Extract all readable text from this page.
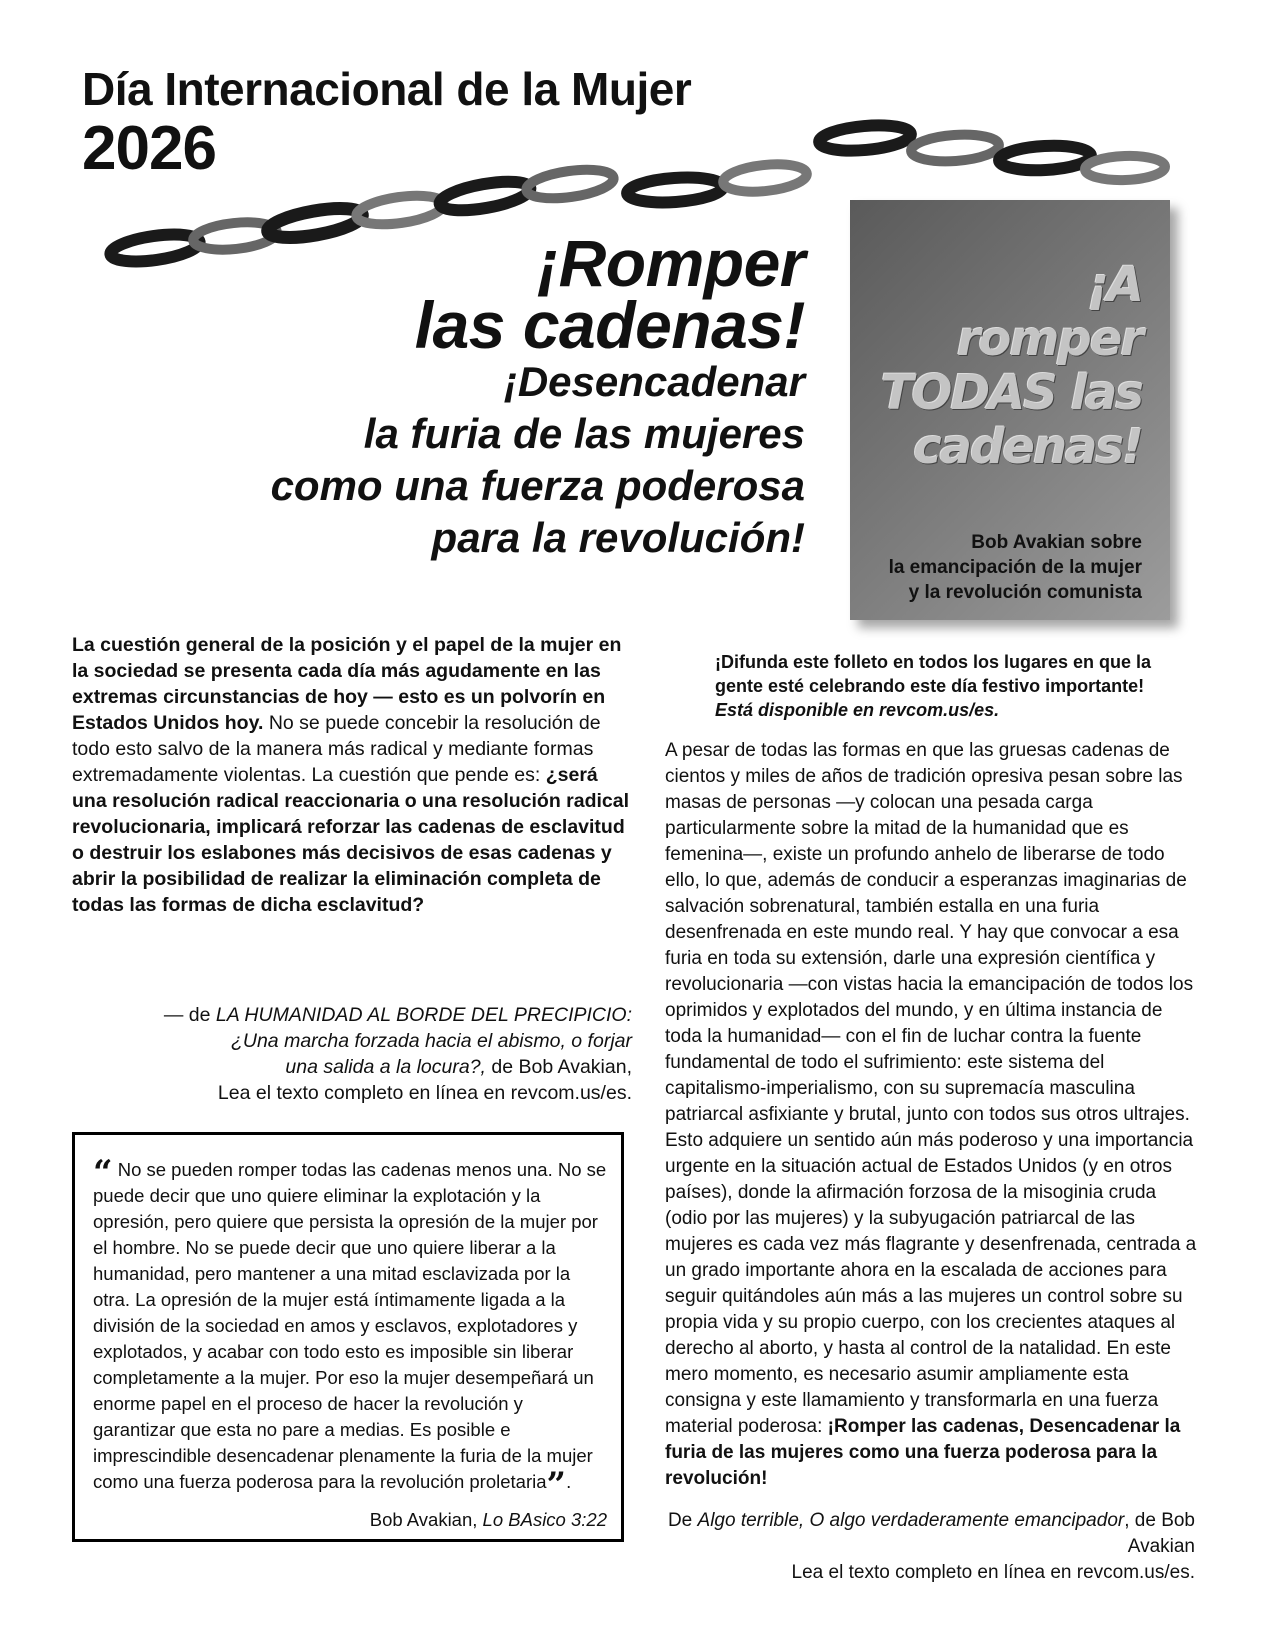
Día Internacional de la Mujer
2026
¡Romper
las cadenas!
¡Desencadenar
la furia de las mujeres
como una fuerza poderosa
para la revolución!
¡A
romper
TODAS las
cadenas!
Bob Avakian sobre
la emancipación de la mujer
y la revolución comunista
La cuestión general de la posición y el papel de la mujer en la sociedad se presenta cada día más agudamente en las extremas circunstancias de hoy — esto es un polvorín en Estados Unidos hoy. No se puede concebir la resolución de todo esto salvo de la manera más radical y mediante formas extremadamente violentas. La cuestión que pende es: ¿será una resolución radical reaccionaria o una resolución radical revolucionaria, implicará reforzar las cadenas de esclavitud o destruir los eslabones más decisivos de esas cadenas y abrir la posibilidad de realizar la eliminación completa de todas las formas de dicha esclavitud?
— de LA HUMANIDAD AL BORDE DEL PRECIPICIO:
¿Una marcha forzada hacia el abismo, o forjar
una salida a la locura?, de Bob Avakian,
Lea el texto completo en línea en revcom.us/es.
“ No se pueden romper todas las cadenas menos una. No se puede decir que uno quiere eliminar la explotación y la opresión, pero quiere que persista la opresión de la mujer por el hombre. No se puede decir que uno quiere liberar a la humanidad, pero mantener a una mitad esclavizada por la otra. La opresión de la mujer está íntimamente ligada a la división de la sociedad en amos y esclavos, explotadores y explotados, y acabar con todo esto es imposible sin liberar completamente a la mujer. Por eso la mujer desempeñará un enorme papel en el proceso de hacer la revolución y garantizar que esta no pare a medias. Es posible e imprescindible desencadenar plenamente la furia de la mujer como una fuerza poderosa para la revolución proletaria”.
Bob Avakian, Lo BAsico 3:22
¡Difunda este folleto en todos los lugares en que la gente esté celebrando este día festivo importante!
Está disponible en revcom.us/es.
A pesar de todas las formas en que las gruesas cadenas de cientos y miles de años de tradición opresiva pesan sobre las masas de personas —y colocan una pesada carga particularmente sobre la mitad de la humanidad que es femenina—, existe un profundo anhelo de liberarse de todo ello, lo que, además de conducir a esperanzas imaginarias de salvación sobrenatural, también estalla en una furia desenfrenada en este mundo real. Y hay que convocar a esa furia en toda su extensión, darle una expresión científica y revolucionaria —con vistas hacia la emancipación de todos los oprimidos y explotados del mundo, y en última instancia de toda la humanidad— con el fin de luchar contra la fuente fundamental de todo el sufrimiento: este sistema del capitalismo-imperialismo, con su supremacía masculina patriarcal asfixiante y brutal, junto con todos sus otros ultrajes. Esto adquiere un sentido aún más poderoso y una importancia urgente en la situación actual de Estados Unidos (y en otros países), donde la afirmación forzosa de la misoginia cruda (odio por las mujeres) y la subyugación patriarcal de las mujeres es cada vez más flagrante y desenfrenada, centrada a un grado importante ahora en la escalada de acciones para seguir quitándoles aún más a las mujeres un control sobre su propia vida y su propio cuerpo, con los crecientes ataques al derecho al aborto, y hasta al control de la natalidad. En este mero momento, es necesario asumir ampliamente esta consigna y este llamamiento y transformarla en una fuerza material poderosa: ¡Romper las cadenas, Desencadenar la furia de las mujeres como una fuerza poderosa para la revolución!
De Algo terrible, O algo verdaderamente emancipador, de Bob Avakian
Lea el texto completo en línea en revcom.us/es.
